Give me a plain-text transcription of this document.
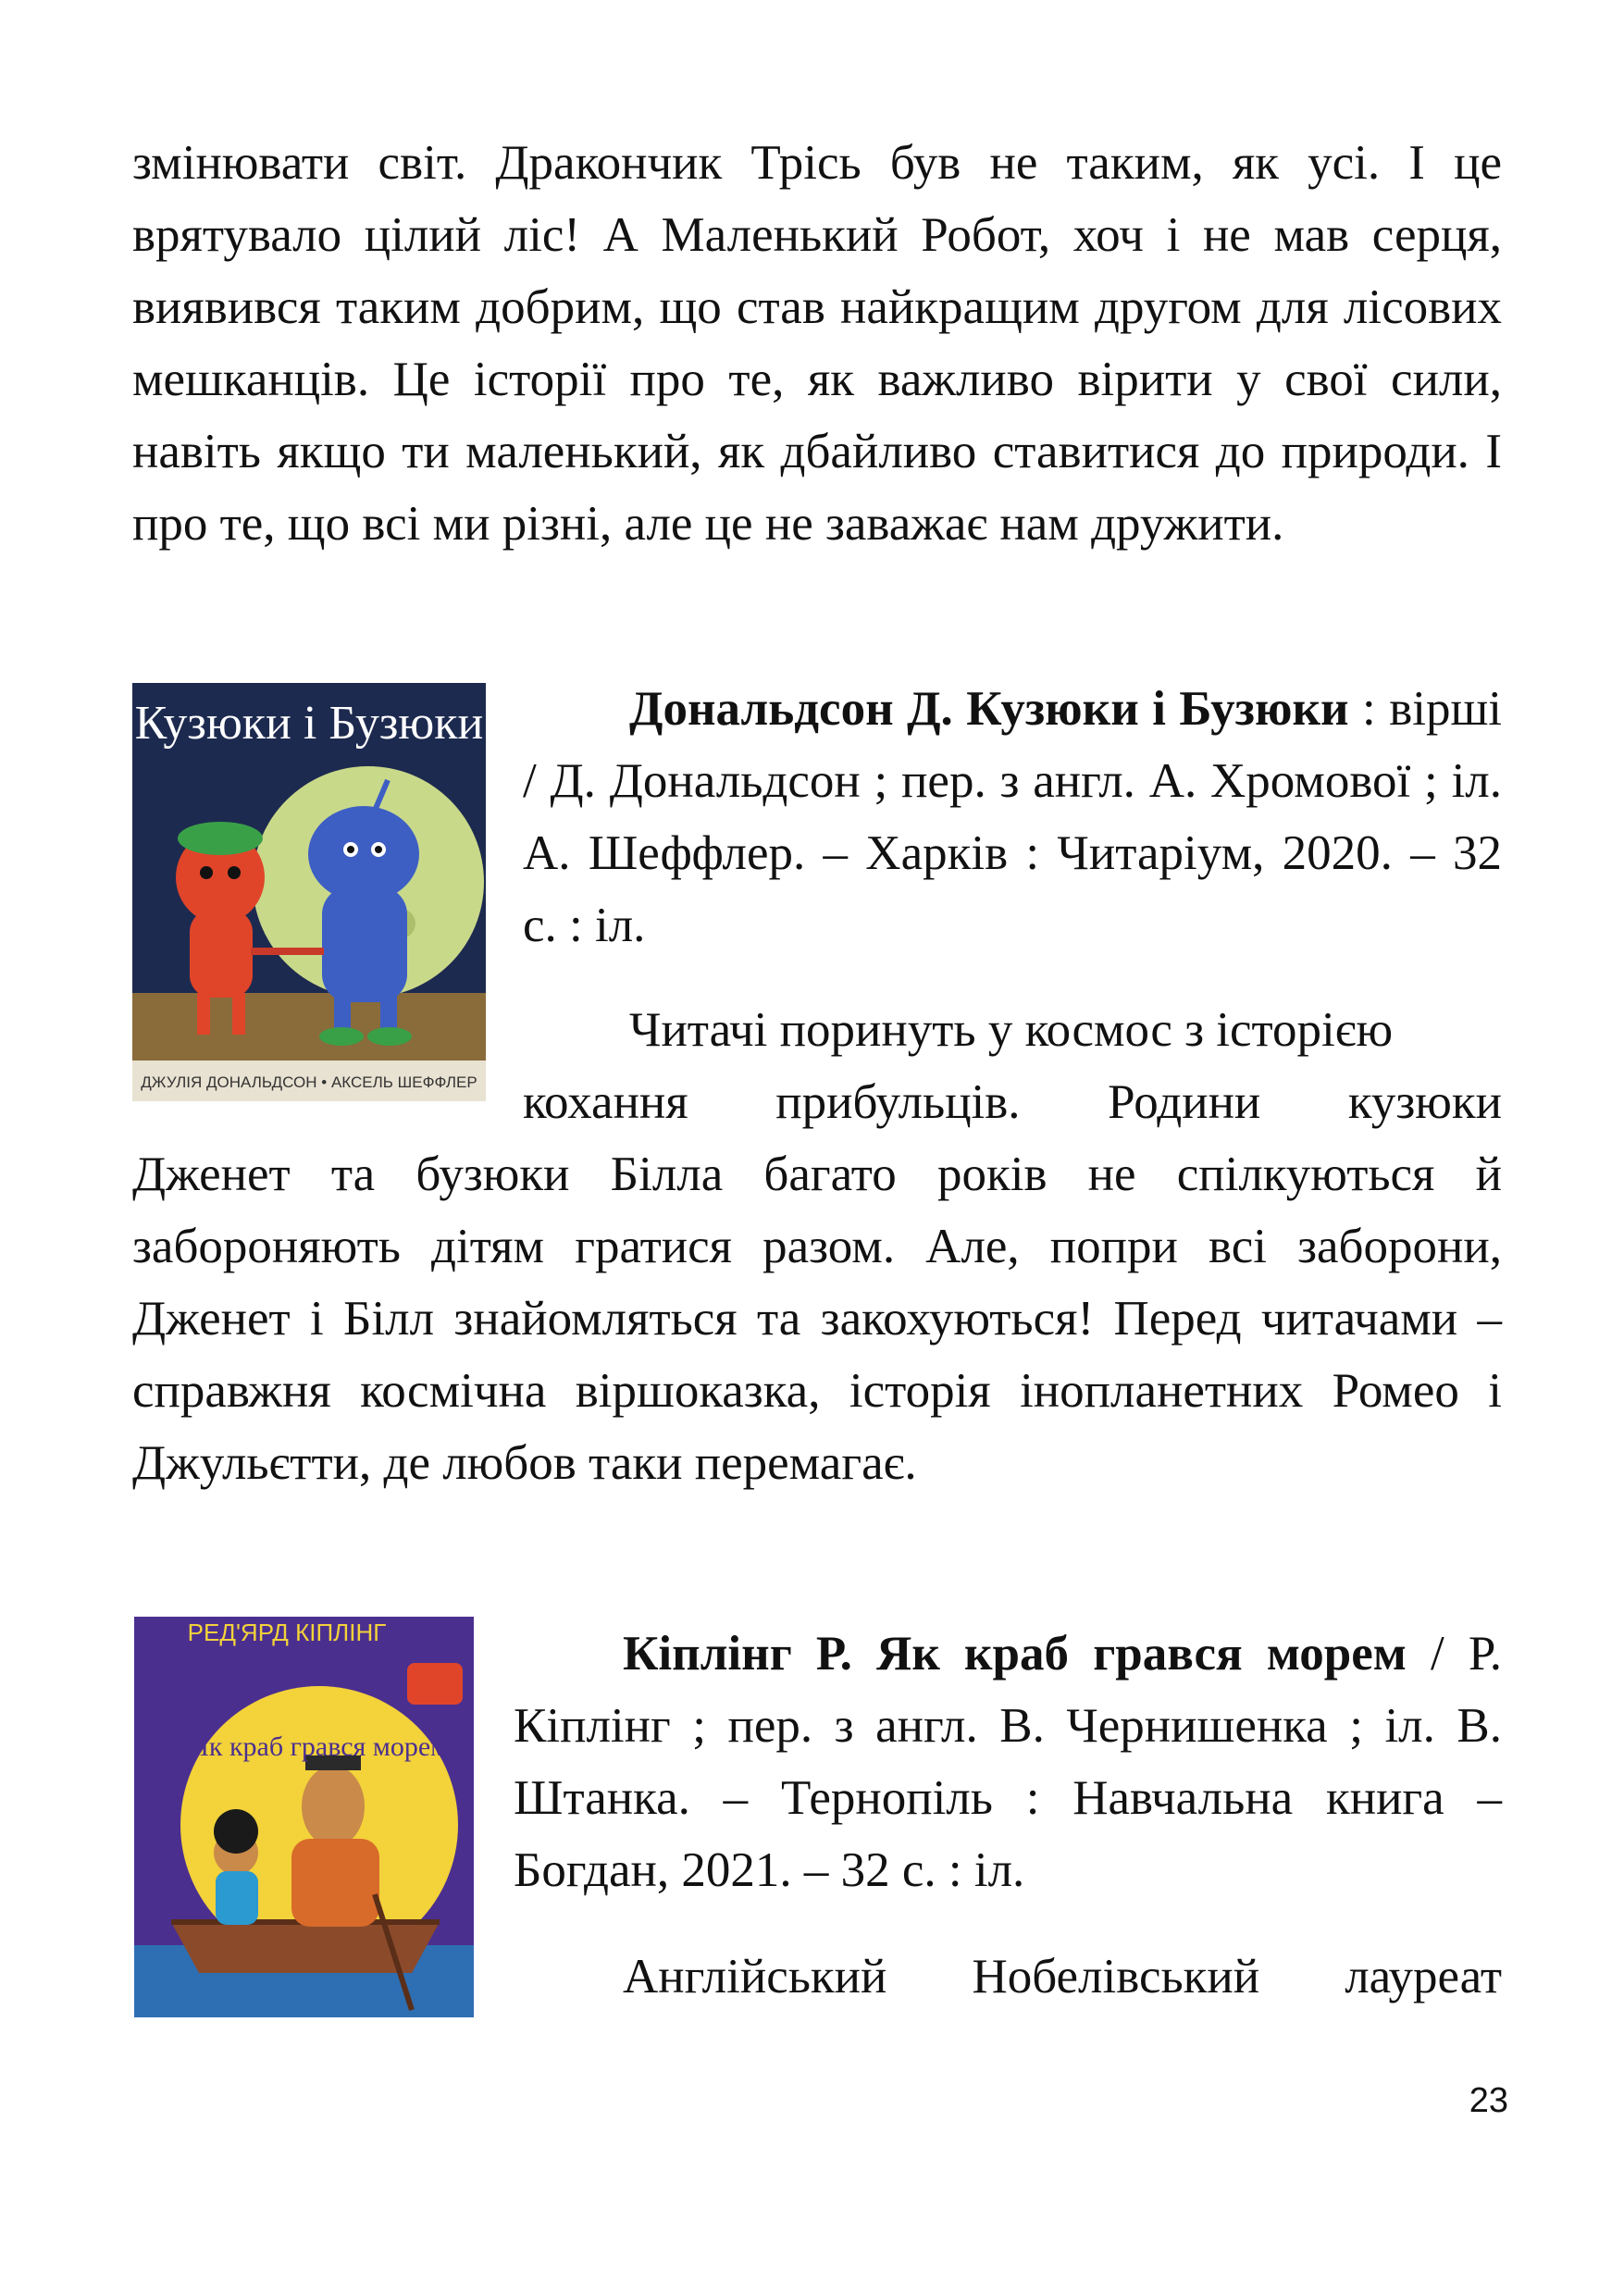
змінювати світ. Дракончик Трісь був не таким, як усі. І це врятувало цілий ліс! А Маленький Робот, хоч і не мав серця, виявився таким добрим, що став найкращим другом для лісових мешканців. Це історії про те, як важливо вірити у свої сили, навіть якщо ти маленький, як дбайливо ставитися до природи. І про те, що всі ми різні, але це не заважає нам дружити.

Кузюки і Бузюки
ДЖУЛІЯ ДОНАЛЬДСОН • АКСЕЛЬ ШЕФФЛЕР

Дональдсон Д. Кузюки і Бузюки : вірші / Д. Дональдсон ; пер. з англ. А. Хромової ; іл. А. Шеффлер. – Харків : Читаріум, 2020. – 32 с. : іл.

Читачі поринуть у космос з історією
кохання прибульців. Родини кузюки

Дженет та бузюки Білла багато років не спілкуються й забороняють дітям гратися разом. Але, попри всі заборони, Дженет і Білл знайомляться та закохуються! Перед читачами – справжня космічна віршоказка, історія інопланетних Ромео і Джульєтти, де любов таки перемагає.

РЕД'ЯРД КІПЛІНГ
Як краб грався морем

Кіплінг Р. Як краб грався морем / Р. Кіплінг ; пер. з англ. В. Чернишенка ; іл. В. Штанка. – Тернопіль : Навчальна книга – Богдан, 2021. – 32 с. : іл.

Англійський Нобелівський лауреат

23
